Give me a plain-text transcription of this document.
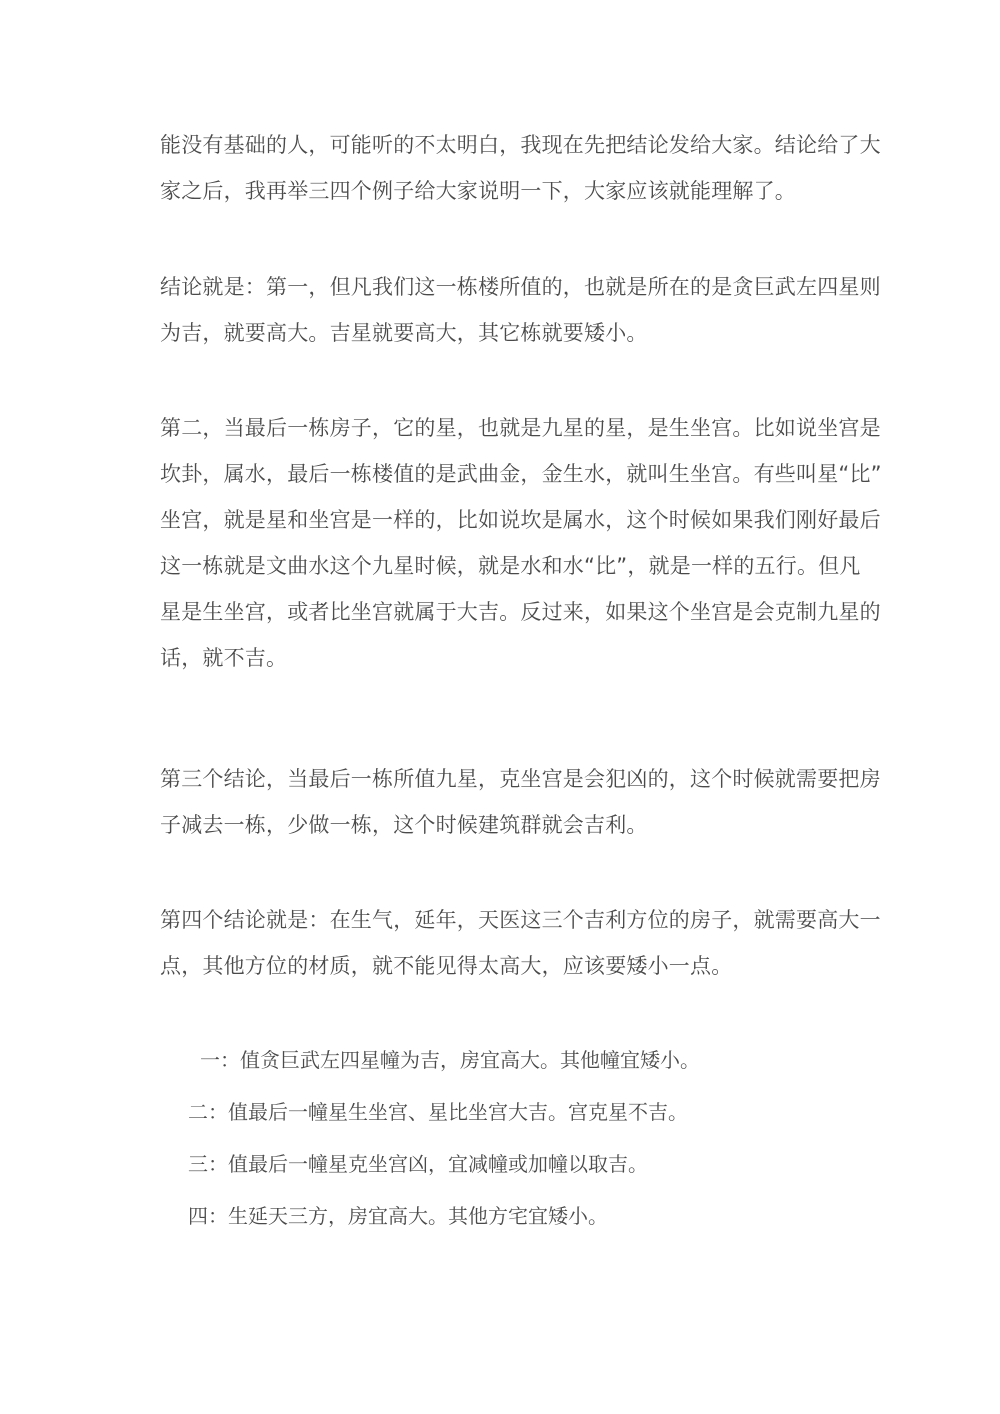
能没有基础的人，可能听的不太明白，我现在先把结论发给大家。结论给了大
家之后，我再举三四个例子给大家说明一下，大家应该就能理解了。

结论就是：第一，但凡我们这一栋楼所值的，也就是所在的是贪巨武左四星则
为吉，就要高大。吉星就要高大，其它栋就要矮小。

第二，当最后一栋房子，它的星，也就是九星的星，是生坐宫。比如说坐宫是
坎卦，属水，最后一栋楼值的是武曲金，金生水，就叫生坐宫。有些叫星“比”
坐宫，就是星和坐宫是一样的，比如说坎是属水，这个时候如果我们刚好最后
这一栋就是文曲水这个九星时候，就是水和水“比”，就是一样的五行。但凡
星是生坐宫，或者比坐宫就属于大吉。反过来，如果这个坐宫是会克制九星的
话，就不吉。

第三个结论，当最后一栋所值九星，克坐宫是会犯凶的，这个时候就需要把房
子减去一栋，少做一栋，这个时候建筑群就会吉利。

第四个结论就是：在生气，延年，天医这三个吉利方位的房子，就需要高大一
点，其他方位的材质，就不能见得太高大，应该要矮小一点。

一：值贪巨武左四星幢为吉，房宜高大。其他幢宜矮小。
二：值最后一幢星生坐宫、星比坐宫大吉。宫克星不吉。
三：值最后一幢星克坐宫凶，宜减幢或加幢以取吉。
四：生延天三方，房宜高大。其他方宅宜矮小。
